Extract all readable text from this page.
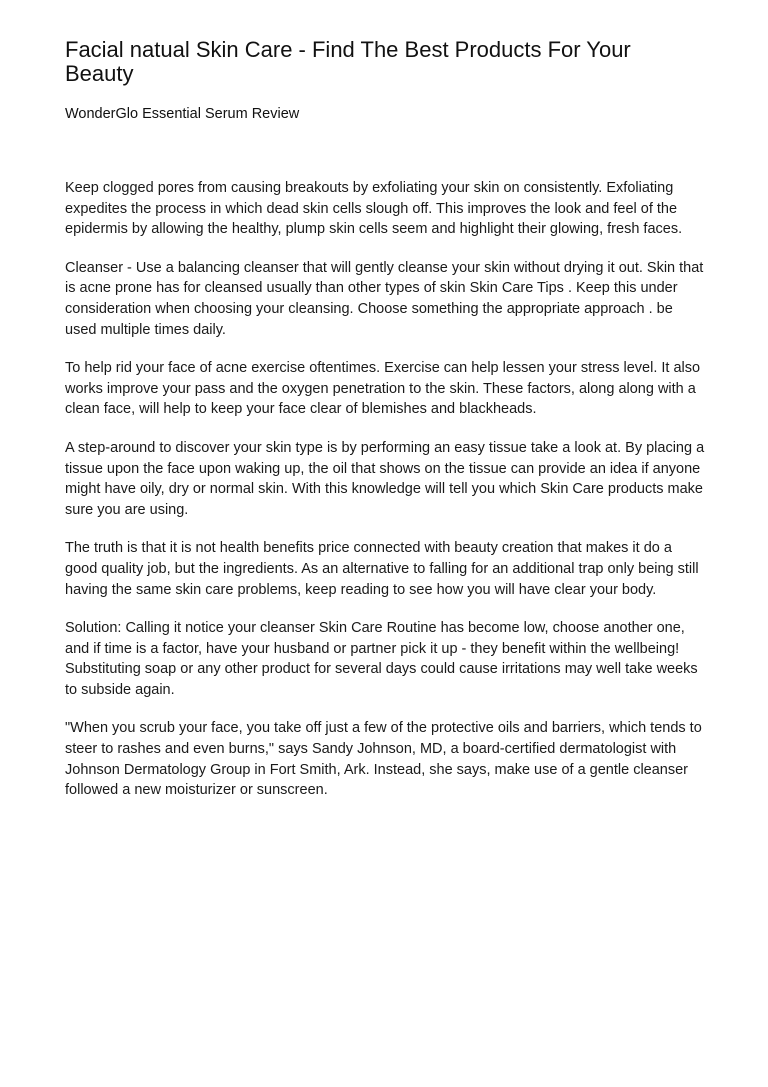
Facial natual Skin Care - Find The Best Products For Your Beauty
WonderGlo Essential Serum Review

Keep clogged pores from causing breakouts by exfoliating your skin on consistently. Exfoliating expedites the process in which dead skin cells slough off. This improves the look and feel of the epidermis by allowing the healthy, plump skin cells seem and highlight their glowing, fresh faces.

Cleanser - Use a balancing cleanser that will gently cleanse your skin without drying it out. Skin that is acne prone has for cleansed usually than other types of skin Skin Care Tips . Keep this under consideration when choosing your cleansing. Choose something the appropriate approach . be used multiple times daily.

To help rid your face of acne exercise oftentimes. Exercise can help lessen your stress level. It also works improve your pass and the oxygen penetration to the skin. These factors, along along with a clean face, will help to keep your face clear of blemishes and blackheads.

A step-around to discover your skin type is by performing an easy tissue take a look at. By placing a tissue upon the face upon waking up, the oil that shows on the tissue can provide an idea if anyone might have oily, dry or normal skin. With this knowledge will tell you which Skin Care products make sure you are using.

The truth is that it is not health benefits price connected with beauty creation that makes it do a good quality job, but the ingredients. As an alternative to falling for an additional trap only being still having the same skin care problems, keep reading to see how you will have clear your body.

Solution: Calling it notice your cleanser Skin Care Routine has become low, choose another one, and if time is a factor, have your husband or partner pick it up - they benefit within the wellbeing! Substituting soap or any other product for several days could cause irritations may well take weeks to subside again.

"When you scrub your face, you take off just a few of the protective oils and barriers, which tends to steer to rashes and even burns," says Sandy Johnson, MD, a board-certified dermatologist with Johnson Dermatology Group in Fort Smith, Ark. Instead, she says, make use of a gentle cleanser followed a new moisturizer or sunscreen.
